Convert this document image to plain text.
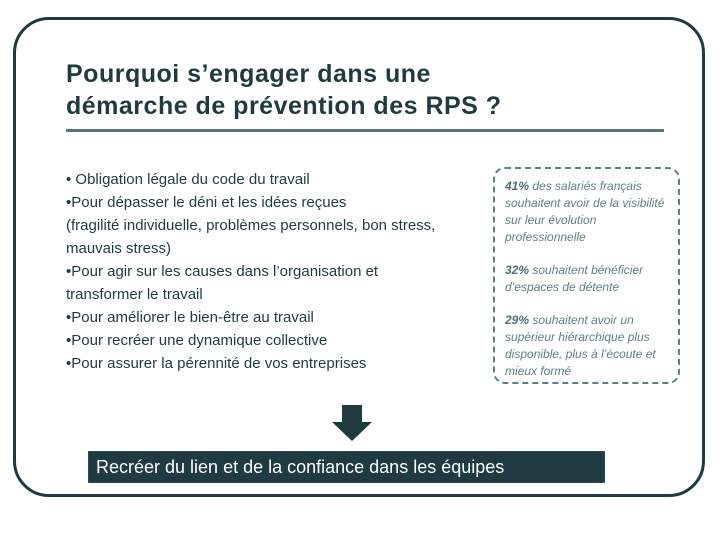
Pourquoi s’engager dans une
démarche de prévention des RPS ?
• Obligation légale du code du travail
•Pour dépasser le déni et les idées reçues
(fragilité individuelle, problèmes personnels, bon stress,
mauvais stress)
•Pour agir sur les causes dans l’organisation et
transformer le travail
•Pour améliorer le bien-être au travail
•Pour recréer une dynamique collective
•Pour assurer la pérennité de vos entreprises

41% des salariés français souhaitent avoir de la visibilité sur leur évolution professionnelle

32% souhaitent bénéficier d’espaces de détente

29% souhaitent avoir un supérieur hiérarchique plus disponible, plus à l’écoute et mieux formé

Recréer du lien et de la confiance dans les équipes
